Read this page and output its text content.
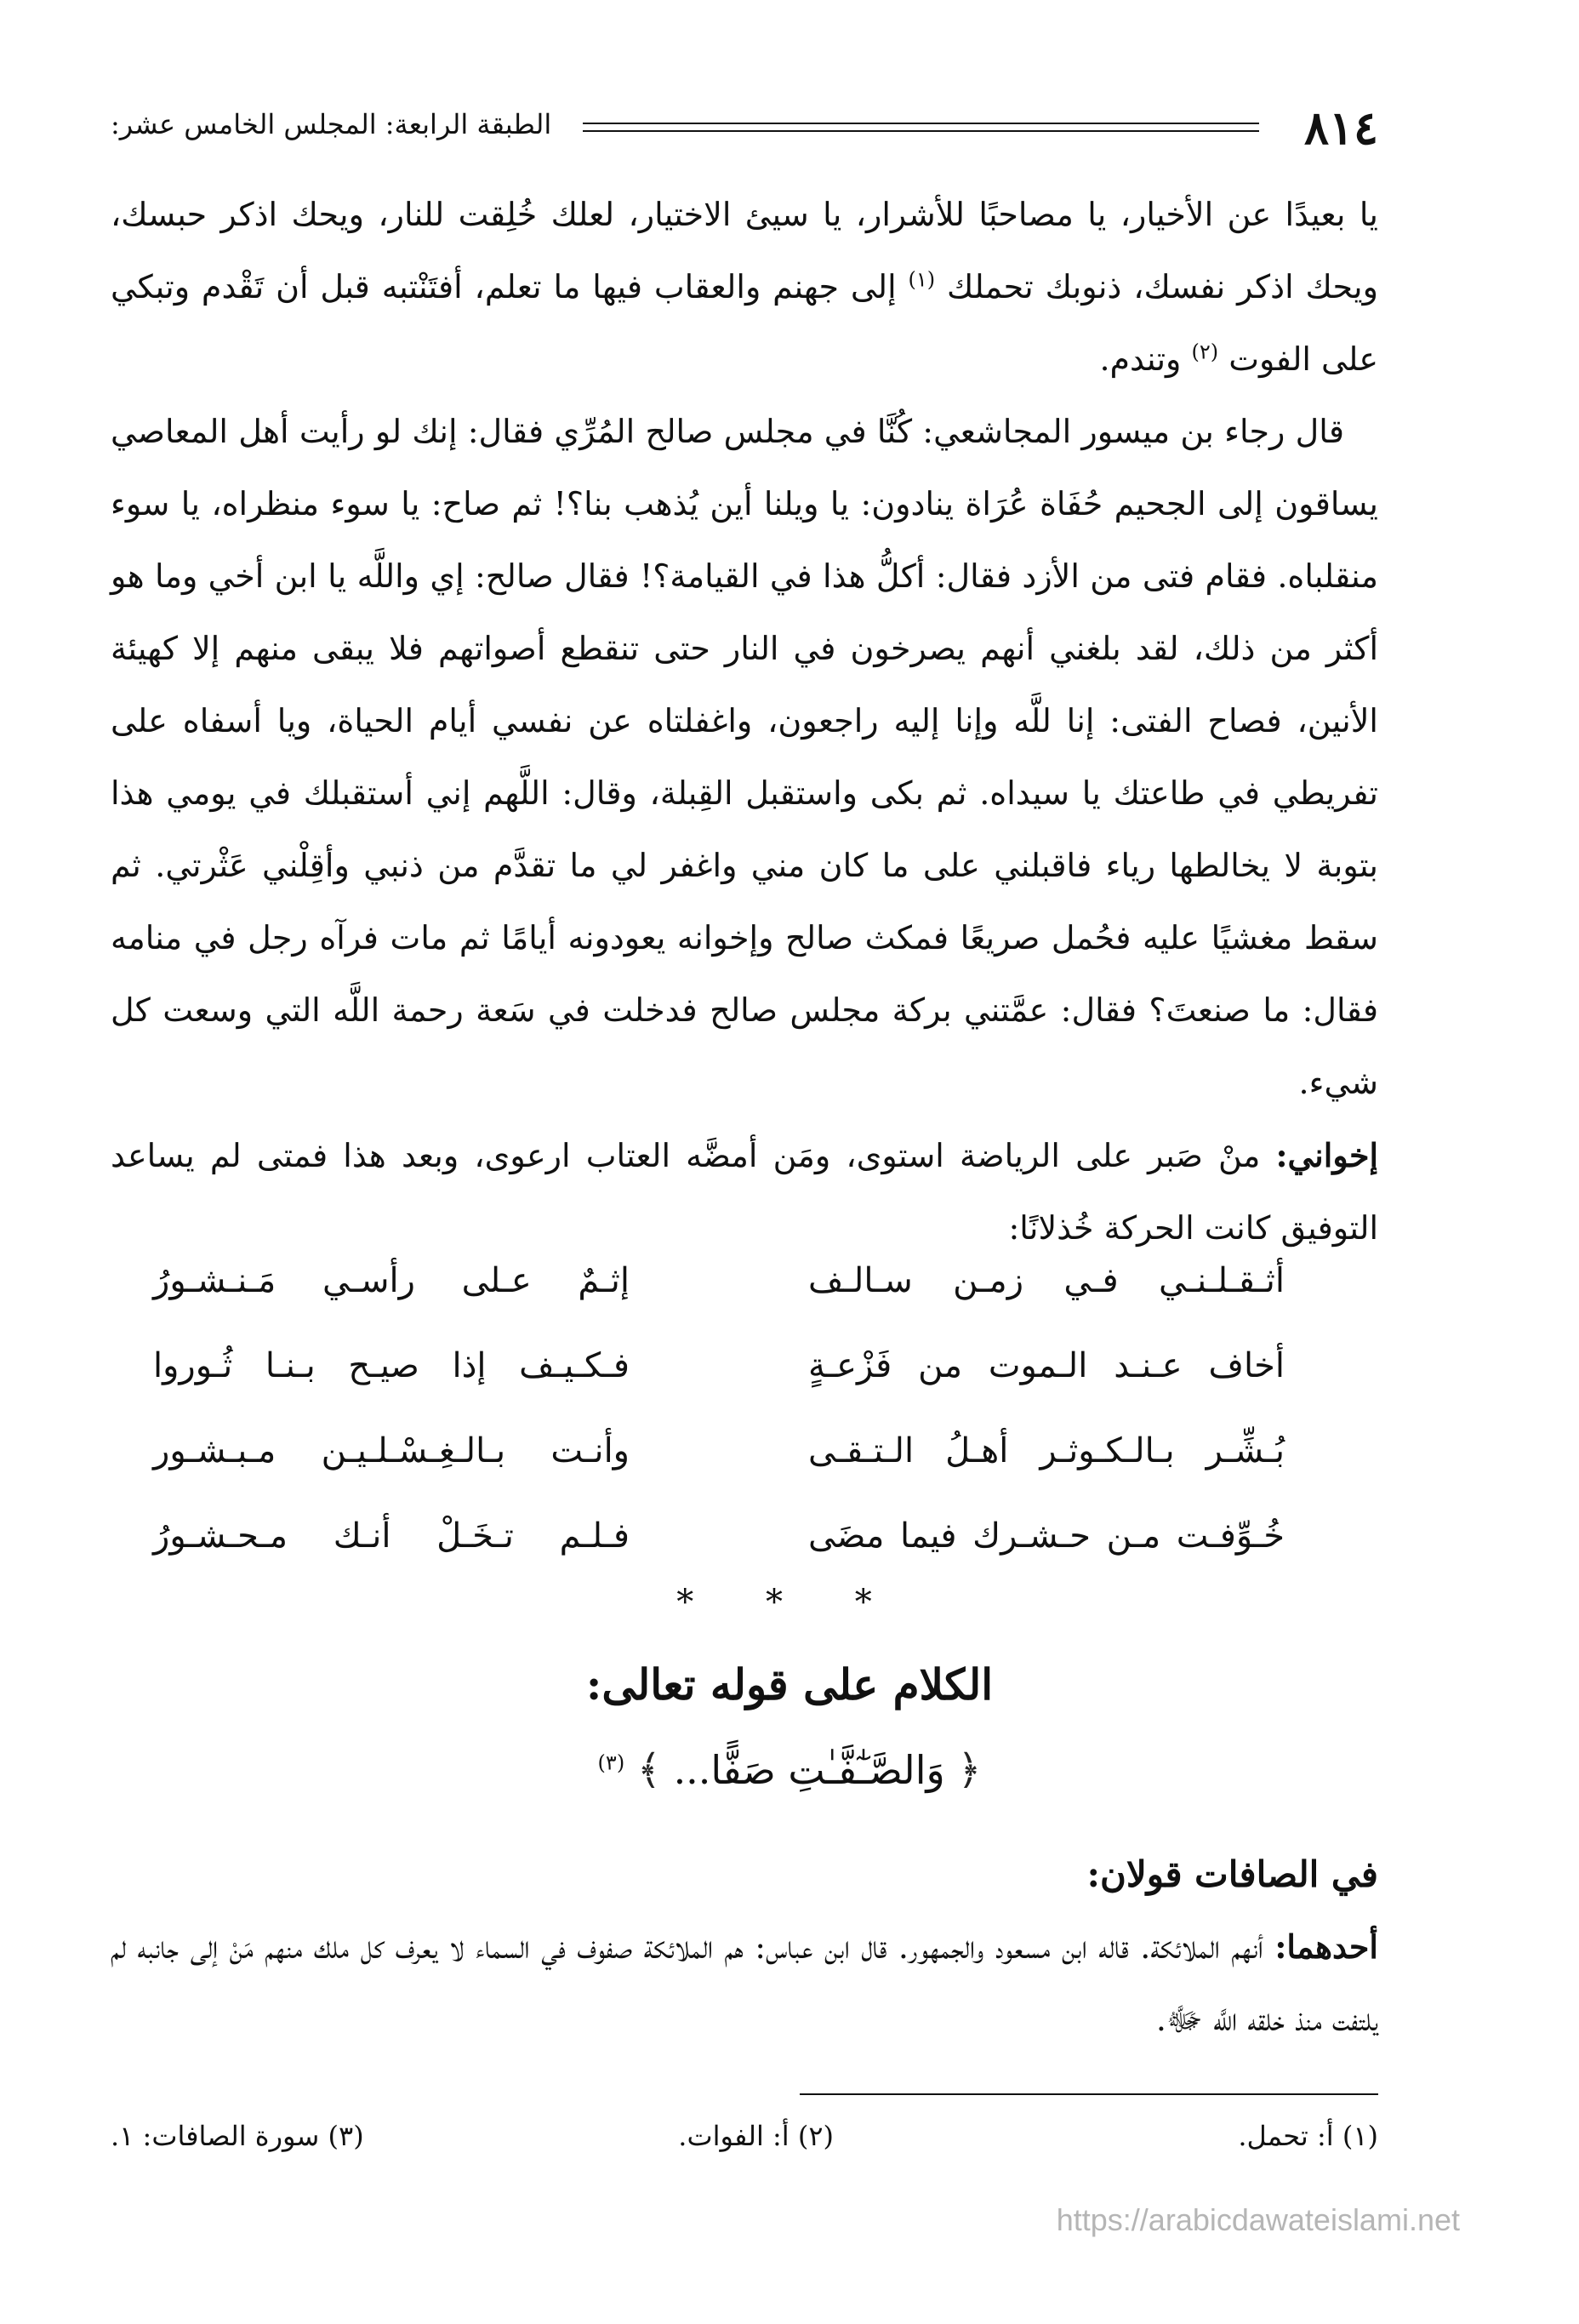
٨١٤
الطبقة الرابعة: المجلس الخامس عشر:

يا بعيدًا عن الأخيار، يا مصاحبًا للأشرار، يا سيئ الاختيار، لعلك خُلِقت للنار، ويحك اذكر حبسك، ويحك اذكر نفسك، ذنوبك تحملك $^{(١)}$ إلى جهنم والعقاب فيها ما تعلم، أفتَنْتبه قبل أن تَقْدم وتبكي على الفوت $^{(٢)}$ وتندم.

قال رجاء بن ميسور المجاشعي: كُنَّا في مجلس صالح المُرِّي فقال: إنك لو رأيت أهل المعاصي يساقون إلى الجحيم حُفَاة عُرَاة ينادون: يا ويلنا أين يُذهب بنا؟! ثم صاح: يا سوء منظراه، يا سوء منقلباه. فقام فتى من الأزد فقال: أكلُّ هذا في القيامة؟! فقال صالح: إي واللَّه يا ابن أخي وما هو أكثر من ذلك، لقد بلغني أنهم يصرخون في النار حتى تنقطع أصواتهم فلا يبقى منهم إلا كهيئة الأنين، فصاح الفتى: إنا للَّه وإنا إليه راجعون، واغفلتاه عن نفسي أيام الحياة، ويا أسفاه على تفريطي في طاعتك يا سيداه. ثم بكى واستقبل القِبلة، وقال: اللَّهم إني أستقبلك في يومي هذا بتوبة لا يخالطها رياء فاقبلني على ما كان مني واغفر لي ما تقدَّم من ذنبي وأقِلْني عَثْرتي. ثم سقط مغشيًا عليه فحُمل صريعًا فمكث صالح وإخوانه يعودونه أيامًا ثم مات فرآه رجل في منامه فقال: ما صنعتَ؟ فقال: عمَّتني بركة مجلس صالح فدخلت في سَعة رحمة اللَّه التي وسعت كل شيء.

إخواني: منْ صَبر على الرياضة استوى، ومَن أمضَّه العتاب ارعوى، وبعد هذا فمتى لم يساعد التوفيق كانت الحركة خُذلانًا:

أثـقـلـنـي فـي زمـن سـالـف
إثـمٌ عـلى رأسـي مَـنـشـورُ
أخاف عـنـد الـموت من فَزْعـةٍ
فـكـيـف إذا صيـح بـنـا ثُـوروا
بُـشِّـر بـالـكـوثـر أهـلُ الـتـقـى
وأنـت بـالـغِـسْـلـيـن مـبـشـور
خُـوِّفـت مـن حـشـرك فيما مضَى
فـلـم تـخَـلْ أنـك مـحـشـورُ
* * *
الكلام على قوله تعالى:
﴿ وَالصَّـٰٓفَّـٰتِ صَفًّا... ﴾ $^{(٣)}$

في الصافات قولان:

أحدهما: أنهم الملائكة. قاله ابن مسعود والجمهور. قال ابن عباس: هم الملائكة صفوف في السماء لا يعرف كل ملك منهم مَنْ إلى جانبه لم يلتفت منذ خلقه اللَّه ﷻ.

(١) أ: تحمل.
(٢) أ: الفوات.
(٣) سورة الصافات: ١.
https://arabicdawateislami.net
